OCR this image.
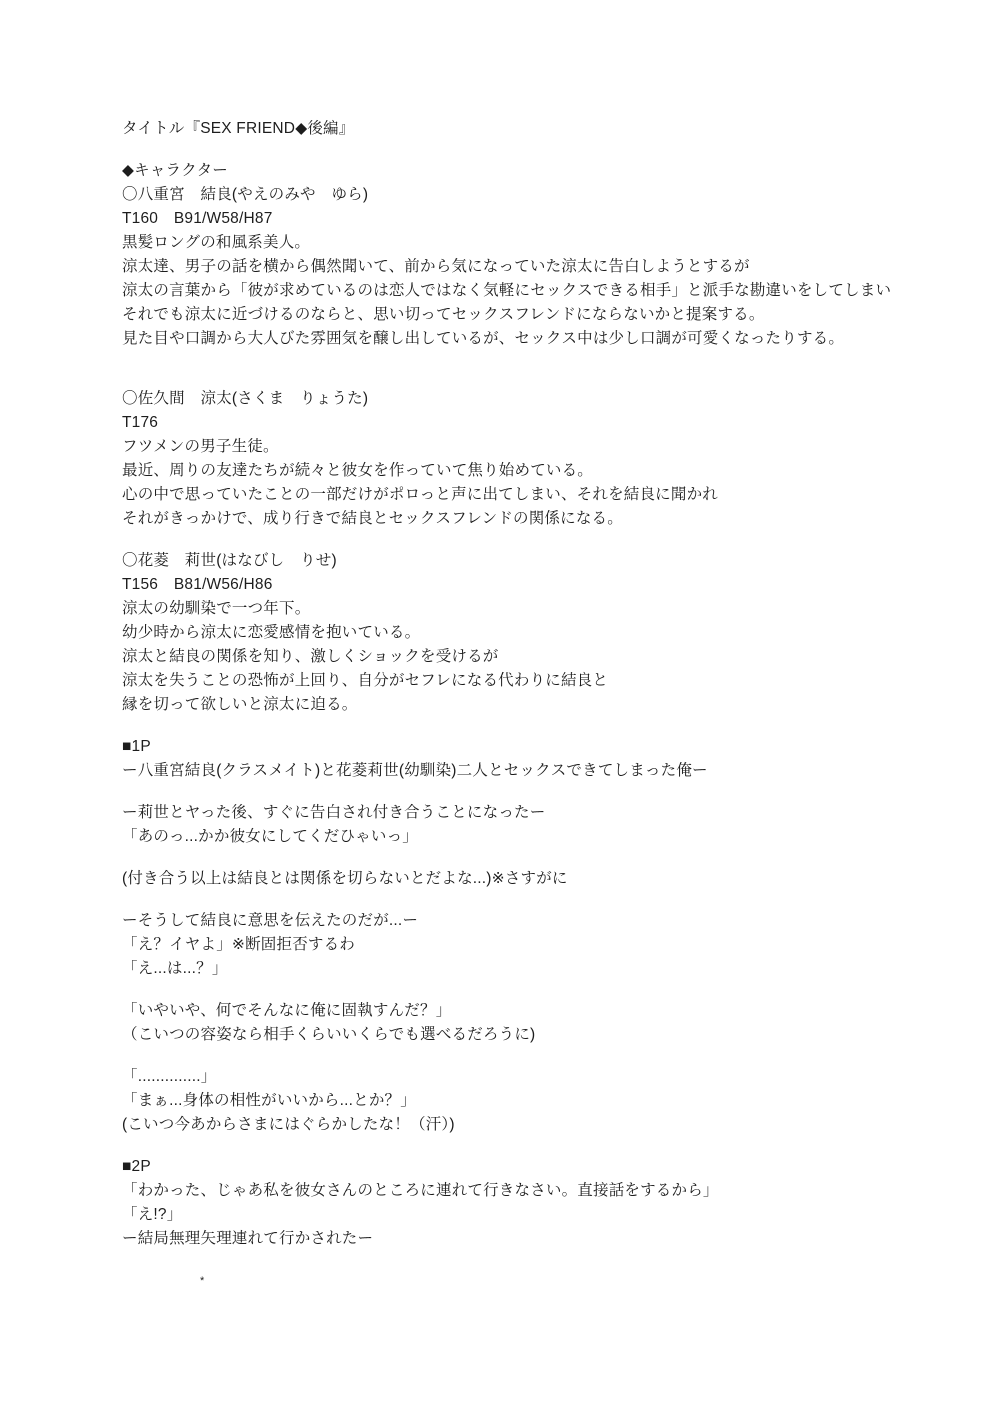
タイトル『SEX FRIEND◆後編』
◆キャラクター
〇八重宮　結良(やえのみや　ゆら)
T160　B91/W58/H87
黒髪ロングの和風系美人。
涼太達、男子の話を横から偶然聞いて、前から気になっていた涼太に告白しようとするが
涼太の言葉から「彼が求めているのは恋人ではなく気軽にセックスできる相手」と派手な勘違いをしてしまい
それでも涼太に近づけるのならと、思い切ってセックスフレンドにならないかと提案する。
見た目や口調から大人びた雰囲気を醸し出しているが、セックス中は少し口調が可愛くなったりする。
〇佐久間　涼太(さくま　りょうた)
T176
フツメンの男子生徒。
最近、周りの友達たちが続々と彼女を作っていて焦り始めている。
心の中で思っていたことの一部だけがポロっと声に出てしまい、それを結良に聞かれ
それがきっかけで、成り行きで結良とセックスフレンドの関係になる。
〇花菱　莉世(はなびし　りせ)
T156　B81/W56/H86
涼太の幼馴染で一つ年下。
幼少時から涼太に恋愛感情を抱いている。
涼太と結良の関係を知り、激しくショックを受けるが
涼太を失うことの恐怖が上回り、自分がセフレになる代わりに結良と
縁を切って欲しいと涼太に迫る。
■1P
ー八重宮結良(クラスメイト)と花菱莉世(幼馴染)二人とセックスできてしまった俺ー
ー莉世とヤった後、すぐに告白され付き合うことになったー
「あのっ...かか彼女にしてくだひゃいっ」
(付き合う以上は結良とは関係を切らないとだよな...)※さすがに
ーそうして結良に意思を伝えたのだが...ー
「え？イヤよ」※断固拒否するわ
「え...は...？」
「いやいや、何でそんなに俺に固執すんだ？」
（こいつの容姿なら相手くらいいくらでも選べるだろうに)
「..............」
「まぁ...身体の相性がいいから...とか？」
(こいつ今あからさまにはぐらかしたな！（汗）)
■2P
「わかった、じゃあ私を彼女さんのところに連れて行きなさい。直接話をするから」
「え!?」
ー結局無理矢理連れて行かされたー
*
